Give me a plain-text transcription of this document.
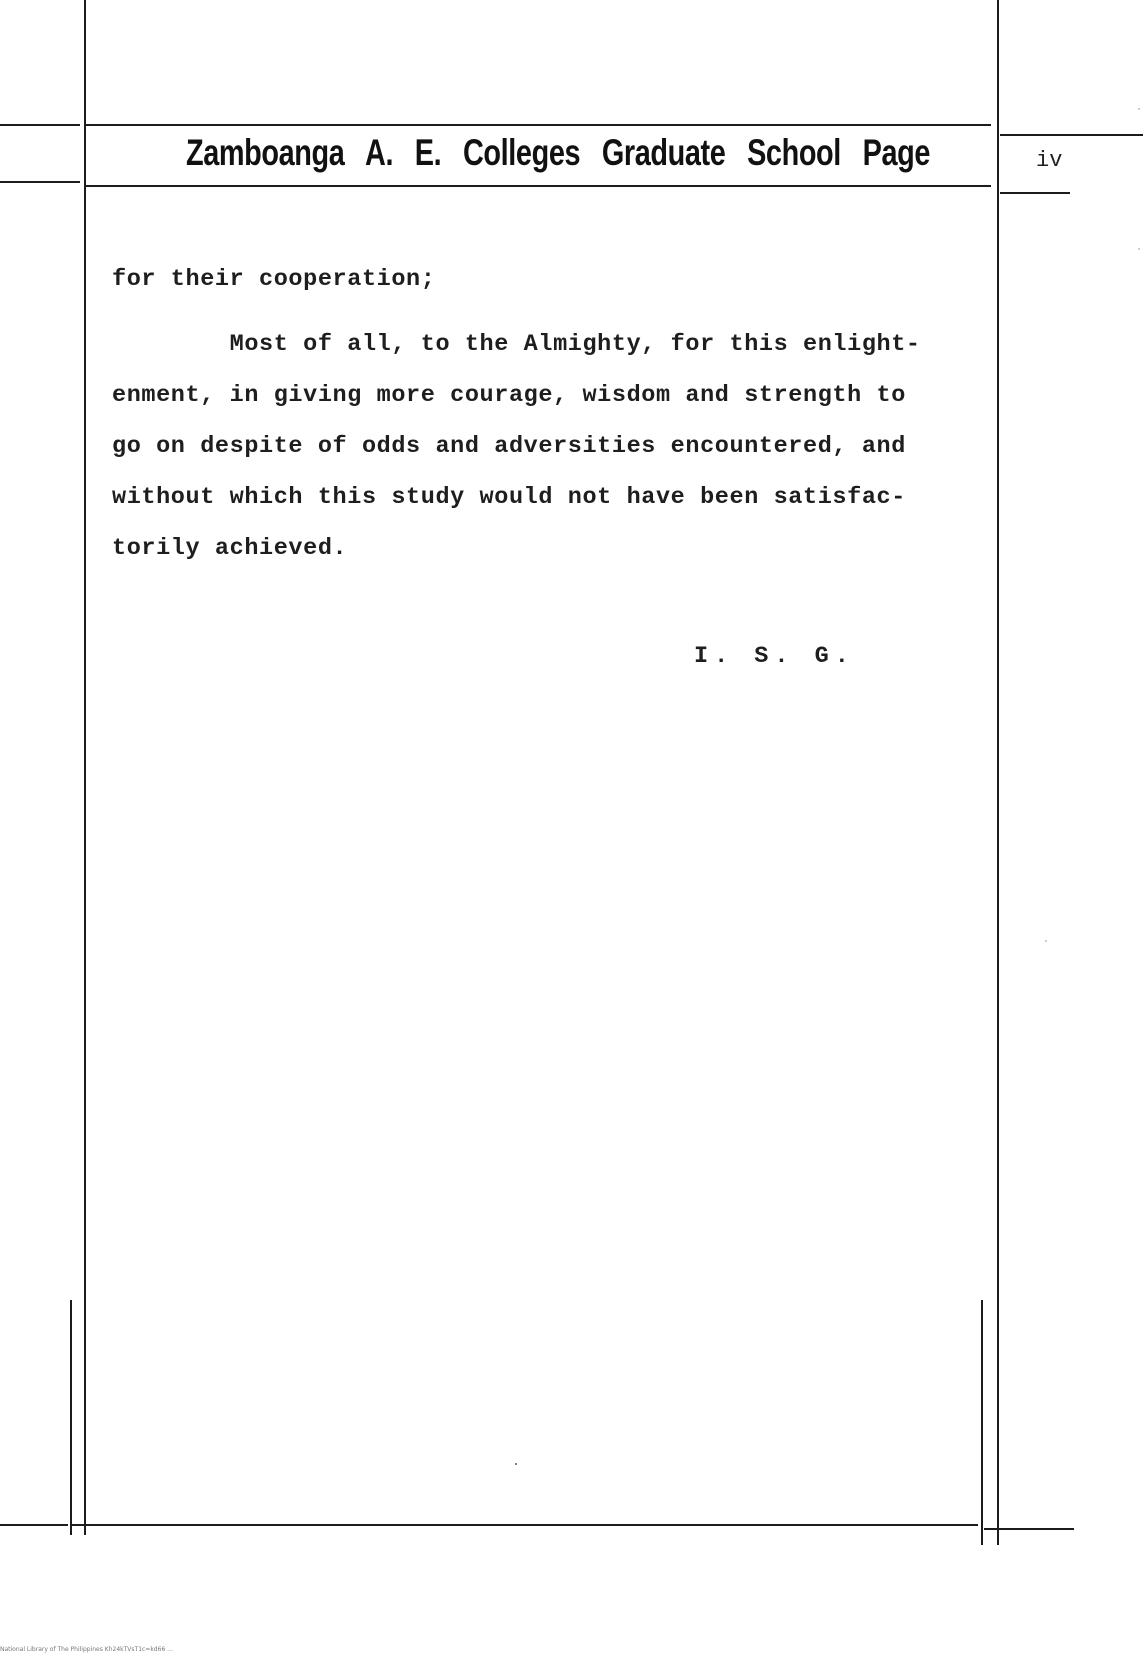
Zamboanga A. E. Colleges Graduate School Page	iv
for their cooperation;
Most of all, to the Almighty, for this enlight-
enment, in giving more courage, wisdom and strength to
go on despite of odds and adversities encountered, and
without which this study would not have been satisfac-
torily achieved.
I. S. G.
National Library of The Philippines Kh24kTVsT1c=kd66 ...
